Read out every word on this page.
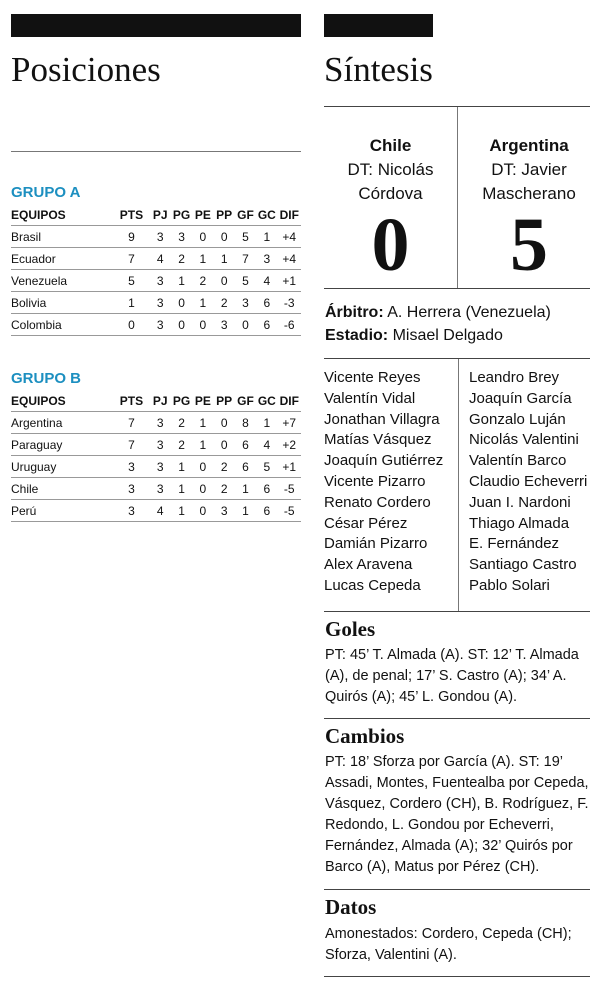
Posiciones	Síntesis
GRUPO A
EQUIPOS	PTS	PJ	PG	PE	PP	GF	GC	DIF
Brasil	9	3	3	0	0	5	1	+4
Ecuador	7	4	2	1	1	7	3	+4
Venezuela	5	3	1	2	0	5	4	+1
Bolivia	1	3	0	1	2	3	6	-3
Colombia	0	3	0	0	3	0	6	-6
GRUPO B
EQUIPOS	PTS	PJ	PG	PE	PP	GF	GC	DIF
Argentina	7	3	2	1	0	8	1	+7
Paraguay	7	3	2	1	0	6	4	+2
Uruguay	3	3	1	0	2	6	5	+1
Chile	3	3	1	0	2	1	6	-5
Perú	3	4	1	0	3	1	6	-5
Chile
DT: Nicolás
Córdova
0
Argentina
DT: Javier
Mascherano
5
Árbitro: A. Herrera (Venezuela)
Estadio: Misael Delgado
Vicente Reyes
Valentín Vidal
Jonathan Villagra
Matías Vásquez
Joaquín Gutiérrez
Vicente Pizarro
Renato Cordero
César Pérez
Damián Pizarro
Alex Aravena
Lucas Cepeda
Leandro Brey
Joaquín García
Gonzalo Luján
Nicolás Valentini
Valentín Barco
Claudio Echeverri
Juan I. Nardoni
Thiago Almada
E. Fernández
Santiago Castro
Pablo Solari
Goles

PT: 45’ T. Almada (A). ST: 12’ T. Almada (A), de penal; 17’ S. Castro (A); 34’ A. Quirós (A); 45’ L. Gondou (A).

Cambios

PT: 18’ Sforza por García (A). ST: 19’ Assadi, Montes, Fuentealba por Cepeda, Vásquez, Cordero (CH), B. Rodríguez, F. Redondo, L. Gondou por Echeverri, Fernández, Almada (A); 32’ Quirós por Barco (A), Matus por Pérez (CH).

Datos

Amonestados: Cordero, Cepeda (CH); Sforza, Valentini (A).
